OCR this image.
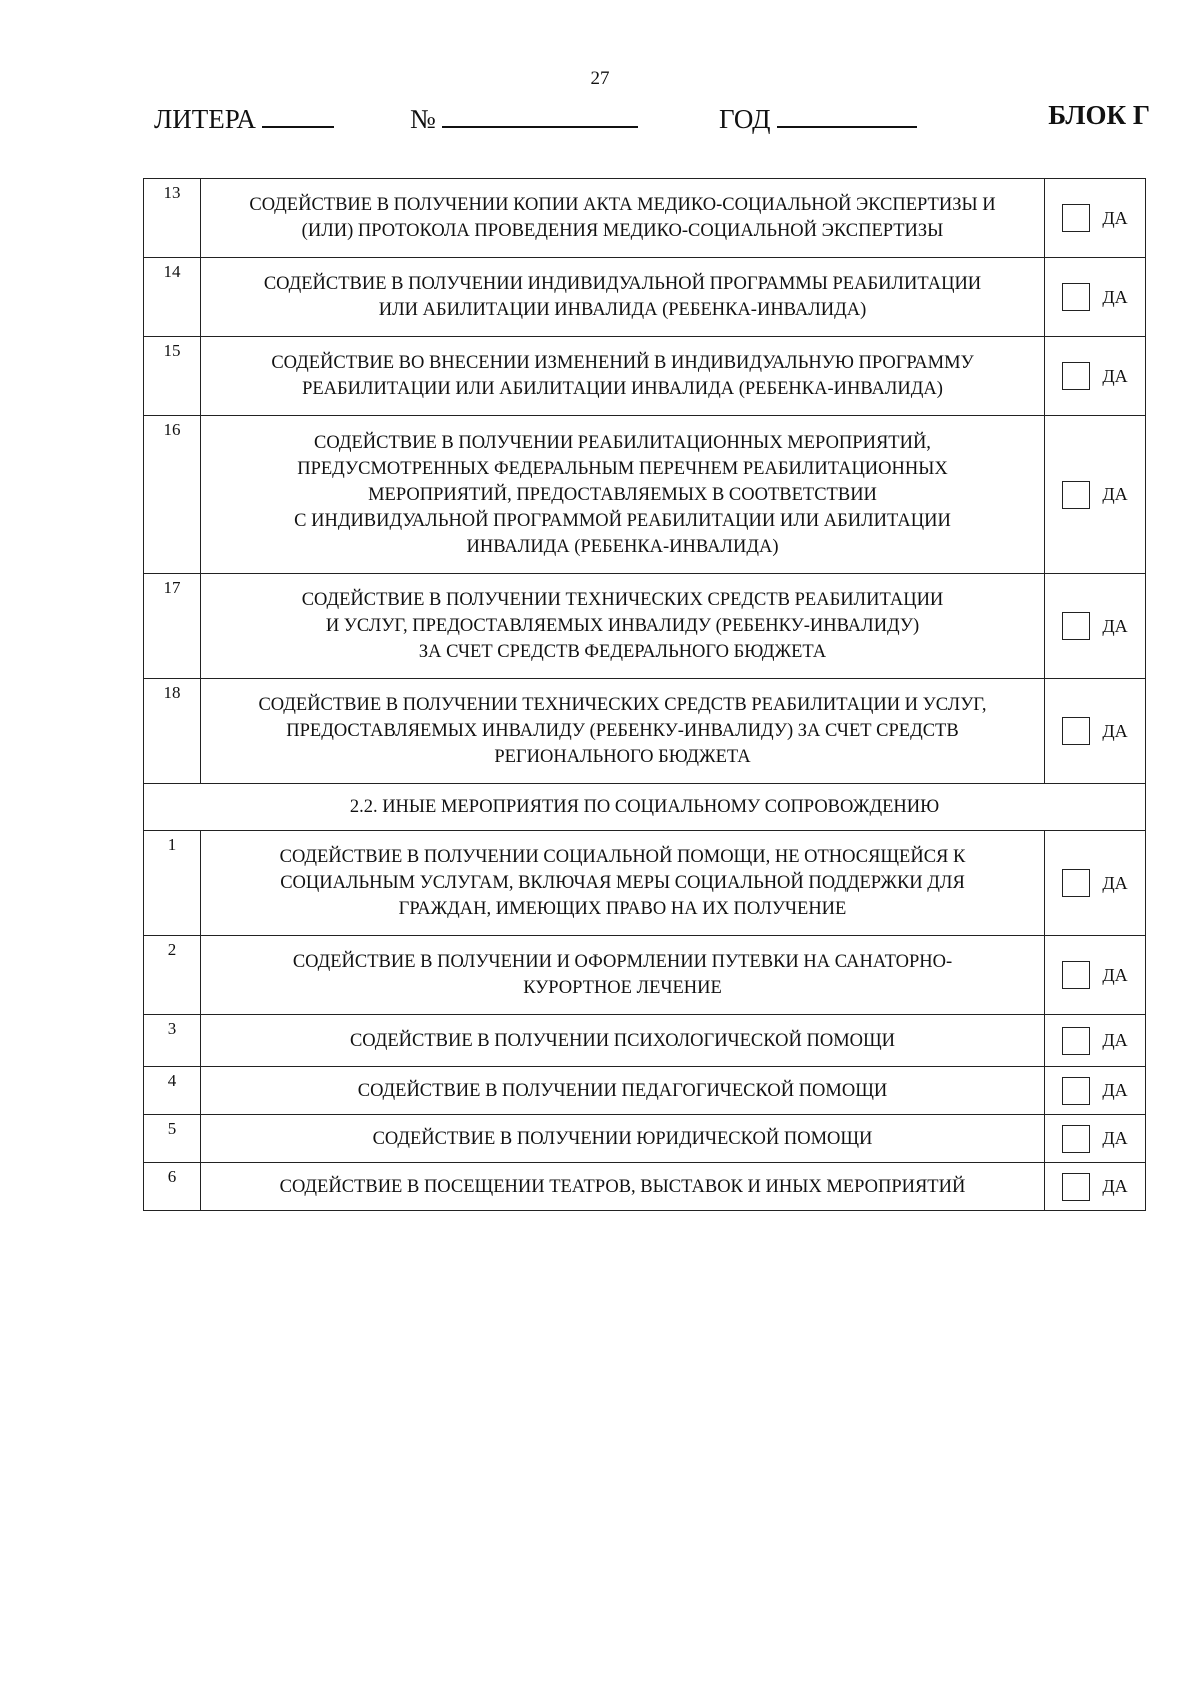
27
ЛИТЕРА	№	ГОД	БЛОК Г
13	СОДЕЙСТВИЕ В ПОЛУЧЕНИИ КОПИИ АКТА МЕДИКО-СОЦИАЛЬНОЙ ЭКСПЕРТИЗЫ И
(ИЛИ) ПРОТОКОЛА ПРОВЕДЕНИЯ МЕДИКО-СОЦИАЛЬНОЙ ЭКСПЕРТИЗЫ	ДА

14	СОДЕЙСТВИЕ В ПОЛУЧЕНИИ ИНДИВИДУАЛЬНОЙ ПРОГРАММЫ РЕАБИЛИТАЦИИ
ИЛИ АБИЛИТАЦИИ ИНВАЛИДА (РЕБЕНКА-ИНВАЛИДА)	ДА

15	СОДЕЙСТВИЕ ВО ВНЕСЕНИИ ИЗМЕНЕНИЙ В ИНДИВИДУАЛЬНУЮ ПРОГРАММУ
РЕАБИЛИТАЦИИ ИЛИ АБИЛИТАЦИИ ИНВАЛИДА (РЕБЕНКА-ИНВАЛИДА)	ДА

16	СОДЕЙСТВИЕ В ПОЛУЧЕНИИ РЕАБИЛИТАЦИОННЫХ МЕРОПРИЯТИЙ,
ПРЕДУСМОТРЕННЫХ ФЕДЕРАЛЬНЫМ ПЕРЕЧНЕМ РЕАБИЛИТАЦИОННЫХ
МЕРОПРИЯТИЙ, ПРЕДОСТАВЛЯЕМЫХ В СООТВЕТСТВИИ
С ИНДИВИДУАЛЬНОЙ ПРОГРАММОЙ РЕАБИЛИТАЦИИ ИЛИ АБИЛИТАЦИИ
ИНВАЛИДА (РЕБЕНКА-ИНВАЛИДА)	ДА

17	СОДЕЙСТВИЕ В ПОЛУЧЕНИИ ТЕХНИЧЕСКИХ СРЕДСТВ РЕАБИЛИТАЦИИ
И УСЛУГ, ПРЕДОСТАВЛЯЕМЫХ ИНВАЛИДУ (РЕБЕНКУ-ИНВАЛИДУ)
ЗА СЧЕТ СРЕДСТВ ФЕДЕРАЛЬНОГО БЮДЖЕТА	ДА

18	СОДЕЙСТВИЕ В ПОЛУЧЕНИИ ТЕХНИЧЕСКИХ СРЕДСТВ РЕАБИЛИТАЦИИ И УСЛУГ,
ПРЕДОСТАВЛЯЕМЫХ ИНВАЛИДУ (РЕБЕНКУ-ИНВАЛИДУ) ЗА СЧЕТ СРЕДСТВ
РЕГИОНАЛЬНОГО БЮДЖЕТА	ДА

2.2. ИНЫЕ МЕРОПРИЯТИЯ ПО СОЦИАЛЬНОМУ СОПРОВОЖДЕНИЮ		
1	СОДЕЙСТВИЕ В ПОЛУЧЕНИИ СОЦИАЛЬНОЙ ПОМОЩИ, НЕ ОТНОСЯЩЕЙСЯ К
СОЦИАЛЬНЫМ УСЛУГАМ, ВКЛЮЧАЯ МЕРЫ СОЦИАЛЬНОЙ ПОДДЕРЖКИ ДЛЯ
ГРАЖДАН, ИМЕЮЩИХ ПРАВО НА ИХ ПОЛУЧЕНИЕ	ДА

2	СОДЕЙСТВИЕ В ПОЛУЧЕНИИ И ОФОРМЛЕНИИ ПУТЕВКИ НА САНАТОРНО-
КУРОРТНОЕ ЛЕЧЕНИЕ	ДА

3	СОДЕЙСТВИЕ В ПОЛУЧЕНИИ ПСИХОЛОГИЧЕСКОЙ ПОМОЩИ	ДА

4	СОДЕЙСТВИЕ В ПОЛУЧЕНИИ ПЕДАГОГИЧЕСКОЙ ПОМОЩИ	ДА

5	СОДЕЙСТВИЕ В ПОЛУЧЕНИИ ЮРИДИЧЕСКОЙ ПОМОЩИ	ДА

6	СОДЕЙСТВИЕ В ПОСЕЩЕНИИ ТЕАТРОВ, ВЫСТАВОК И ИНЫХ МЕРОПРИЯТИЙ	ДА
